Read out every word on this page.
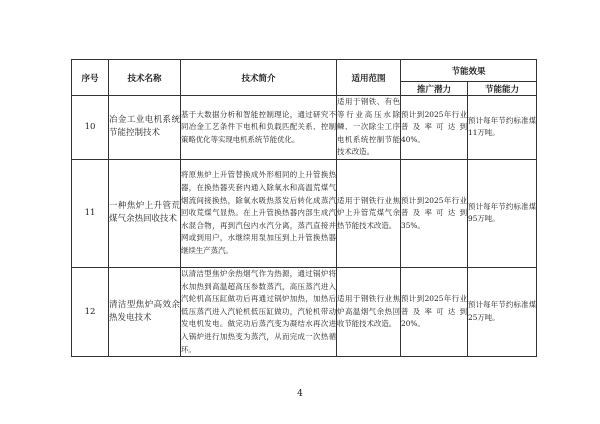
序号	技术名称	技术简介	适用范围	节能效果	
				推广潜力	节能能力
10	冶金工业电机系统节能控制技术	基于大数据分析和智能控制理论，通过研究不同冶金工艺条件下电机和负载匹配关系、控制策略优化等实现电机系统节能优化。	适用于钢铁、有色等行业高压水除鳞、一次除尘工序电机系统控制节能技术改造。	预计到2025年行业普及率可达到40%。	预计每年节约标准煤11万吨。
11	一种焦炉上升管荒煤气余热回收技术	将原焦炉上升管替换成外形相同的上升管换热器，在换热器夹套内通入除氧水和高温荒煤气烟流间接换热，除氧水吸热蒸发后转化成蒸汽回收荒煤气显热。在上升管换热器内部生成汽水混合物，再到汽包内水汽分离，蒸汽直接并网或到用户，水继续用泵加压到上升管换热器继续生产蒸汽。	适用于钢铁行业焦炉上升管荒煤气余热节能技术改造。	预计到2025年行业普及率可达到35%。	预计每年节约标准煤95万吨。
12	清洁型焦炉高效余热发电技术	以清洁型焦炉余热烟气作为热源，通过锅炉将水加热到高温超高压参数蒸汽，高压蒸汽进入汽轮机高压缸做功后再通过锅炉加热，加热后低压蒸汽进入汽轮机低压缸做功，汽轮机带动发电机发电。做完功后蒸汽变为凝结水再次进入锅炉进行加热变为蒸汽，从而完成一次热循环。	适用于钢铁行业焦炉高温烟气余热回收节能技术改造。	预计到2025年行业普及率可达到20%。	预计每年节约标准煤25万吨。
4
